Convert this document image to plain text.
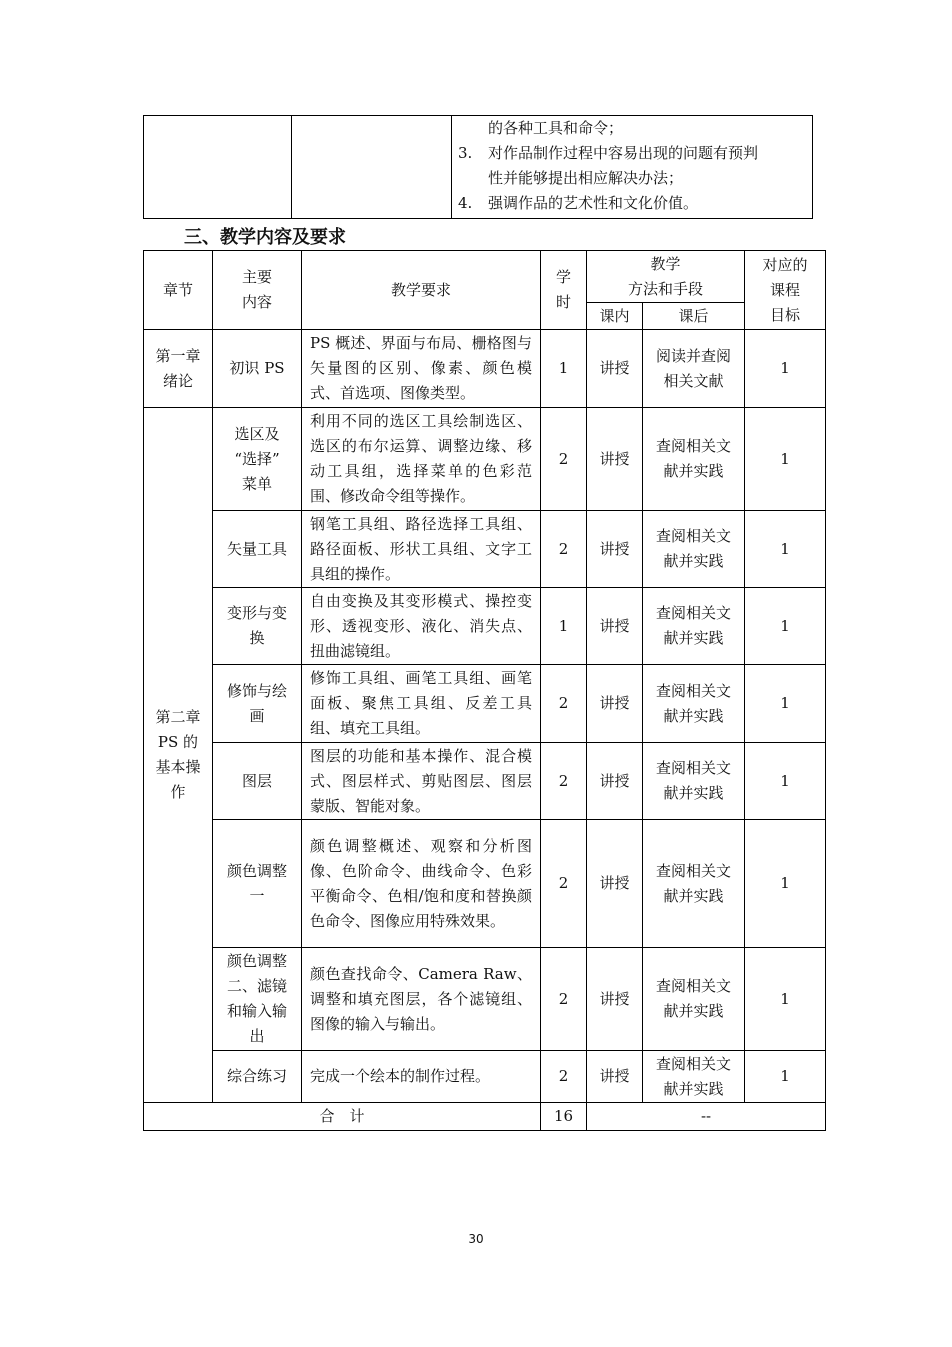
的各种工具和命令；
3.	对作品制作过程中容易出现的问题有预判
性并能够提出相应解决办法；
4.	强调作品的艺术性和文化价值。
三、教学内容及要求
章节	主要
内容	教学要求	学
时	教学
方法和手段		对应的
课程
目标
				课内	课后	
第一章
绪论	初识 PS	PS 概述、界面与布局、栅格图与矢量图的区别、像素、颜色模式、首选项、图像类型。	1	讲授	阅读并查阅
相关文献	1
第二章
PS 的
基本操
作	选区及
“选择”
菜单	利用不同的选区工具绘制选区、选区的布尔运算、调整边缘、移动工具组，选择菜单的色彩范围、修改命令组等操作。	2	讲授	查阅相关文
献并实践	1
	矢量工具	钢笔工具组、路径选择工具组、路径面板、形状工具组、文字工具组的操作。	2	讲授	查阅相关文
献并实践	1
	变形与变
换	自由变换及其变形模式、操控变形、透视变形、液化、消失点、扭曲滤镜组。	1	讲授	查阅相关文
献并实践	1
	修饰与绘
画	修饰工具组、画笔工具组、画笔面板、聚焦工具组、反差工具组、填充工具组。	2	讲授	查阅相关文
献并实践	1
	图层	图层的功能和基本操作、混合模式、图层样式、剪贴图层、图层蒙版、智能对象。	2	讲授	查阅相关文
献并实践	1
	颜色调整
一	颜色调整概述、观察和分析图像、色阶命令、曲线命令、色彩平衡命令、色相/饱和度和替换颜色命令、图像应用特殊效果。	2	讲授	查阅相关文
献并实践	1
	颜色调整
二、滤镜
和输入输
出	颜色查找命令、Camera Raw、调整和填充图层，各个滤镜组、图像的输入与输出。	2	讲授	查阅相关文
献并实践	1
	综合练习	完成一个绘本的制作过程。	2	讲授	查阅相关文
献并实践	1
合　计			16	--		
30
